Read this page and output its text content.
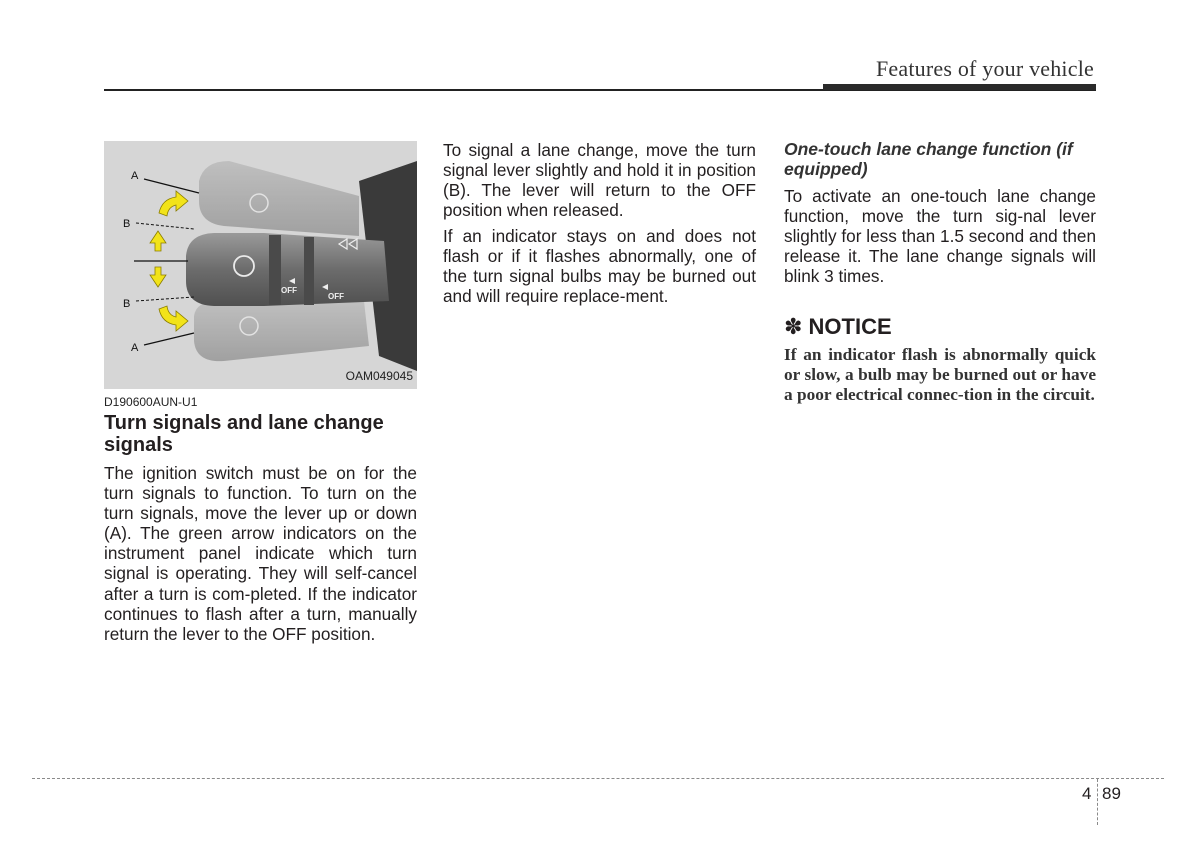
Features of your vehicle
OFF
OFF
A
B
B
A
OAM049045
D190600AUN-U1
Turn signals and lane change signals

The ignition switch must be on for the turn signals to function. To turn on the turn signals, move the lever up or down (A). The green arrow indicators on the instrument panel indicate which turn signal is operating. They will self-cancel after a turn is com-pleted. If the indicator continues to flash after a turn, manually return the lever to the OFF position.

To signal a lane change, move the turn signal lever slightly and hold it in position (B). The lever will return to the OFF position when released.

If an indicator stays on and does not flash or if it flashes abnormally, one of the turn signal bulbs may be burned out and will require replace-ment.

One-touch lane change function (if equipped)

To activate an one-touch lane change function, move the turn sig-nal lever slightly for less than 1.5 second and then release it. The lane change signals will blink 3 times.

✽ NOTICE
If an indicator flash is abnormally quick or slow, a bulb may be burned out or have a poor electrical connec-tion in the circuit.
4 89
